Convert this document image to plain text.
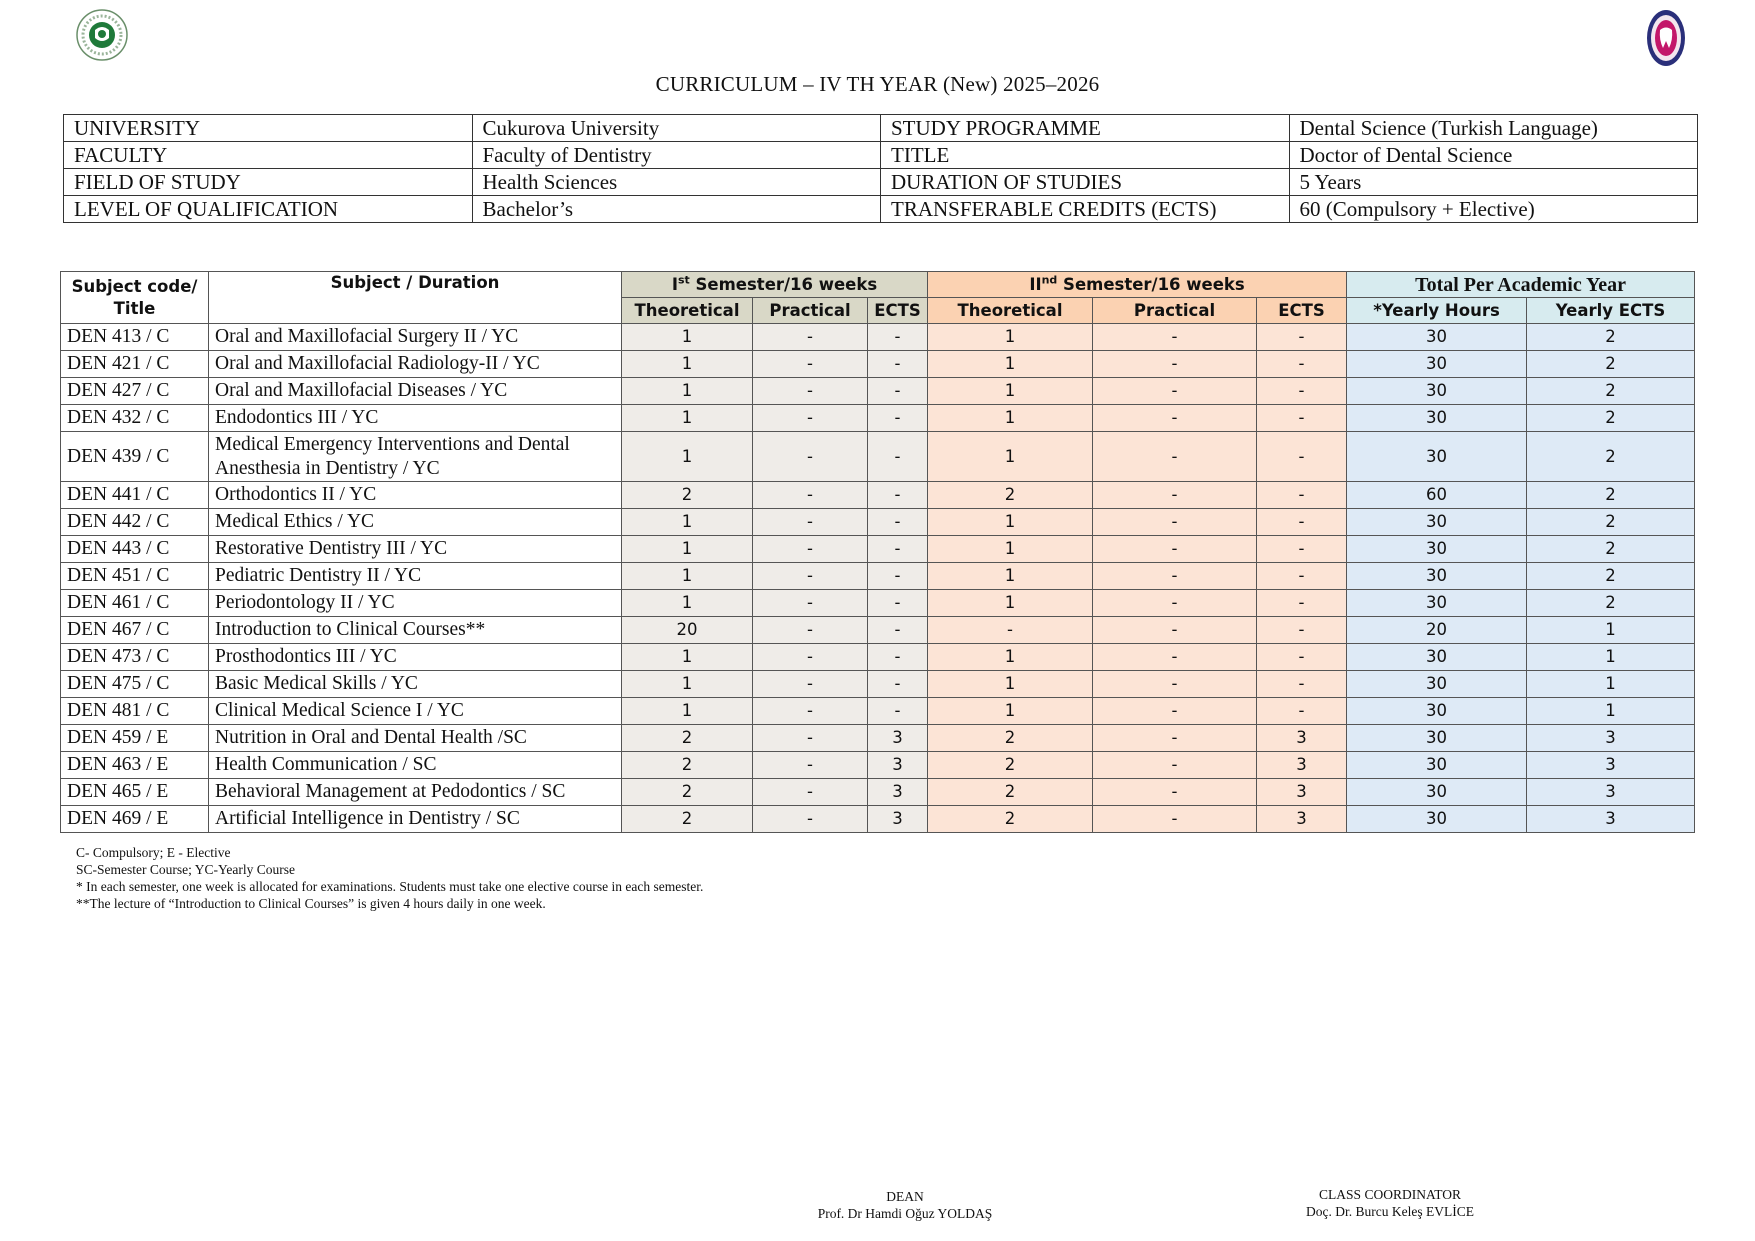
CURRICULUM – IV TH YEAR (New) 2025–2026
UNIVERSITY	Cukurova University	STUDY PROGRAMME	Dental Science (Turkish Language)
FACULTY	Faculty of Dentistry	TITLE	Doctor of Dental Science
FIELD OF STUDY	Health Sciences	DURATION OF STUDIES	5 Years
LEVEL OF QUALIFICATION	Bachelor’s	TRANSFERABLE CREDITS (ECTS)	60 (Compulsory + Elective)
Subject code/
Title	Subject / Duration	Ist Semester/16 weeks			IInd Semester/16 weeks			Total Per Academic Year	
		Theoretical	Practical	ECTS	Theoretical	Practical	ECTS	*Yearly Hours	Yearly ECTS
DEN 413 / C	Oral and Maxillofacial Surgery II / YC	1	-	-	1	-	-	30	2
DEN 421 / C	Oral and Maxillofacial Radiology-II / YC	1	-	-	1	-	-	30	2
DEN 427 / C	Oral and Maxillofacial Diseases / YC	1	-	-	1	-	-	30	2
DEN 432 / C	Endodontics III / YC	1	-	-	1	-	-	30	2
DEN 439 / C	Medical Emergency Interventions and Dental Anesthesia in Dentistry / YC	1	-	-	1	-	-	30	2
DEN 441 / C	Orthodontics II / YC	2	-	-	2	-	-	60	2
DEN 442 / C	Medical Ethics / YC	1	-	-	1	-	-	30	2
DEN 443 / C	Restorative Dentistry III / YC	1	-	-	1	-	-	30	2
DEN 451 / C	Pediatric Dentistry II / YC	1	-	-	1	-	-	30	2
DEN 461 / C	Periodontology II / YC	1	-	-	1	-	-	30	2
DEN 467 / C	Introduction to Clinical Courses**	20	-	-	-	-	-	20	1
DEN 473 / C	Prosthodontics III / YC	1	-	-	1	-	-	30	1
DEN 475 / C	Basic Medical Skills / YC	1	-	-	1	-	-	30	1
DEN 481 / C	Clinical Medical Science I / YC	1	-	-	1	-	-	30	1
DEN 459 / E	Nutrition in Oral and Dental Health /SC	2	-	3	2	-	3	30	3
DEN 463 / E	Health Communication / SC	2	-	3	2	-	3	30	3
DEN 465 / E	Behavioral Management at Pedodontics / SC	2	-	3	2	-	3	30	3
DEN 469 / E	Artificial Intelligence in Dentistry / SC	2	-	3	2	-	3	30	3
C- Compulsory; E - Elective
SC-Semester Course; YC-Yearly Course
* In each semester, one week is allocated for examinations. Students must take one elective course in each semester.
**The lecture of “Introduction to Clinical Courses” is given 4 hours daily in one week.
DEAN
Prof. Dr Hamdi Oğuz YOLDAŞ
CLASS COORDINATOR
Doç. Dr. Burcu Keleş EVLİCE
